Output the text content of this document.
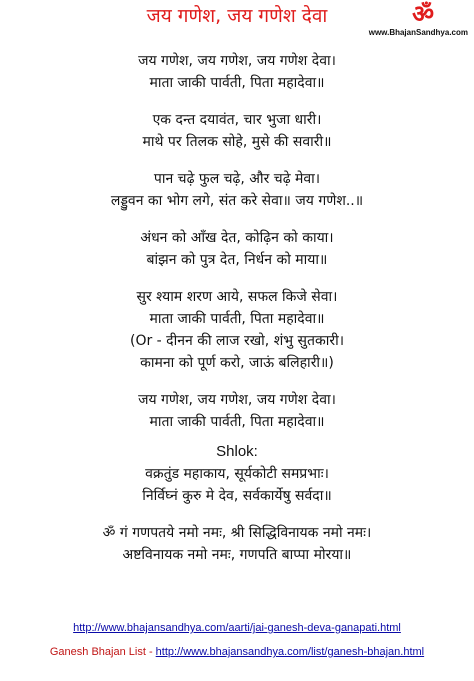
जय गणेश, जय गणेश देवा	ॐ
www.BhajanSandhya.com
जय गणेश, जय गणेश, जय गणेश देवा।
माता जाकी पार्वती, पिता महादेवा॥
एक दन्त दयावंत, चार भुजा धारी।
माथे पर तिलक सोहे, मुसे की सवारी॥
पान चढ़े फुल चढ़े, और चढ़े मेवा।
लड्डुवन का भोग लगे, संत करे सेवा॥ जय गणेश..॥
अंधन को आँख देत, कोढ़िन को काया।
बांझन को पुत्र देत, निर्धन को माया॥
सुर श्याम शरण आये, सफल किजे सेवा।
माता जाकी पार्वती, पिता महादेवा॥
(Or - दीनन की लाज रखो, शंभु सुतकारी।
कामना को पूर्ण करो, जाऊं बलिहारी॥)
जय गणेश, जय गणेश, जय गणेश देवा।
माता जाकी पार्वती, पिता महादेवा॥
Shlok:
वक्रतुंड महाकाय, सूर्यकोटी समप्रभाः।
निर्विघ्नं कुरु मे देव, सर्वकार्येषु सर्वदा॥
ॐ गं गणपतये नमो नमः, श्री सिद्धिविनायक नमो नमः।
अष्टविनायक नमो नमः, गणपति बाप्पा मोरया॥
http://www.bhajansandhya.com/aarti/jai-ganesh-deva-ganapati.html
Ganesh Bhajan List - http://www.bhajansandhya.com/list/ganesh-bhajan.html
